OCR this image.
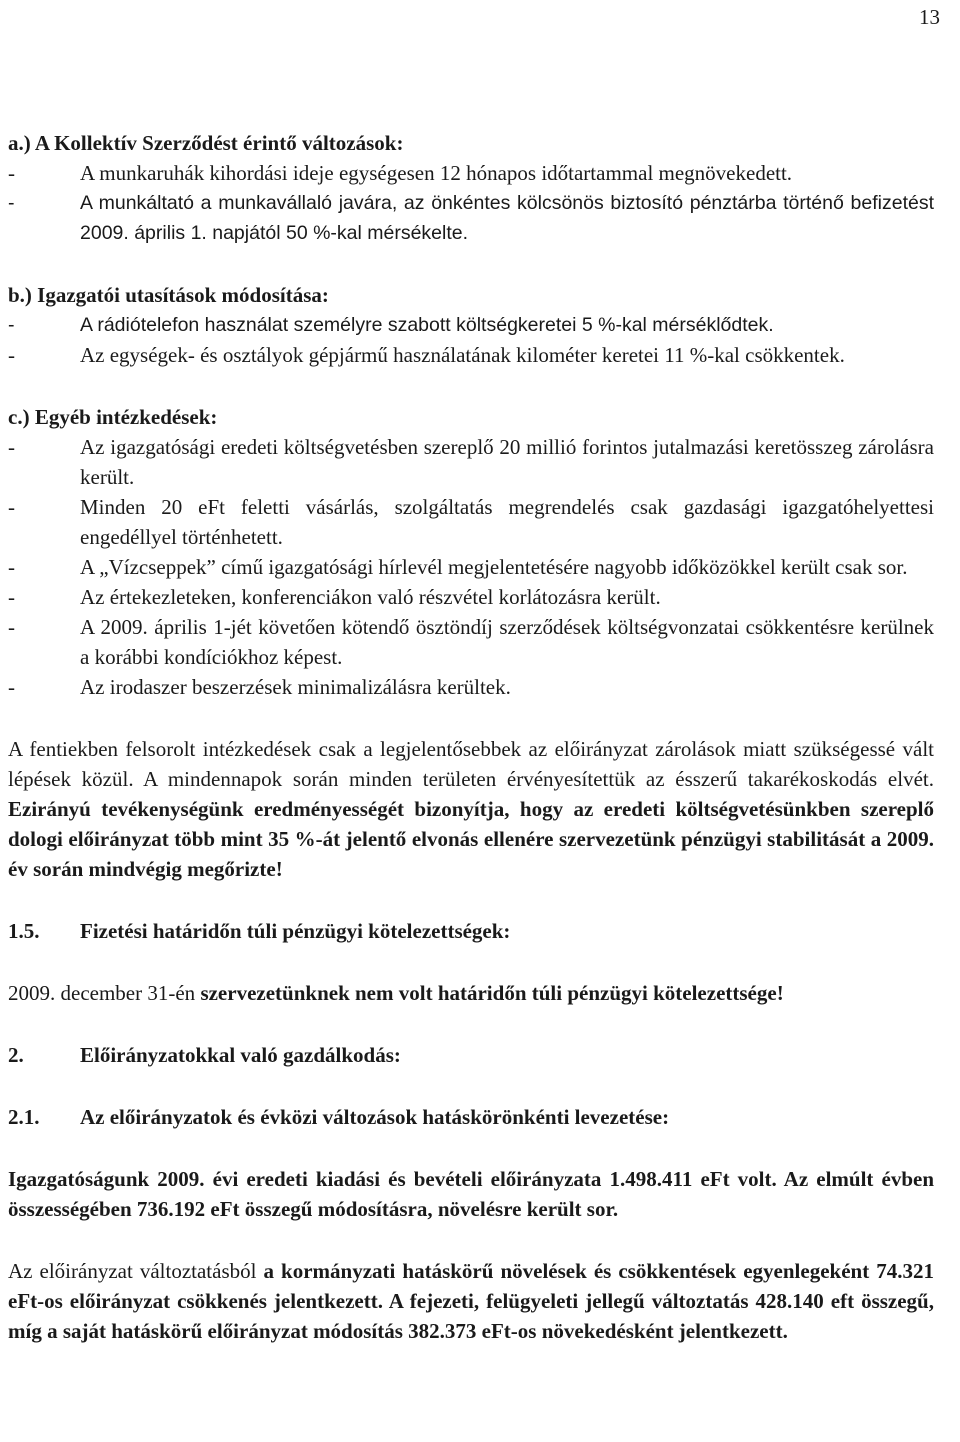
13

a.) A Kollektív Szerződést érintő változások:

- A munkaruhák kihordási ideje egységesen 12 hónapos időtartammal megnövekedett.
- A munkáltató a munkavállaló javára, az önkéntes kölcsönös biztosító pénztárba történő befizetést 2009. április 1. napjától 50 %-kal mérsékelte.

b.) Igazgatói utasítások módosítása:

- A rádiótelefon használat személyre szabott költségkeretei 5 %-kal mérséklődtek.
- Az egységek- és osztályok gépjármű használatának kilométer keretei 11 %-kal csökkentek.

c.) Egyéb intézkedések:

- Az igazgatósági eredeti költségvetésben szereplő 20 millió forintos jutalmazási keretösszeg zárolásra került.
- Minden 20 eFt feletti vásárlás, szolgáltatás megrendelés csak gazdasági igazgatóhelyettesi engedéllyel történhetett.
- A „Vízcseppek” című igazgatósági hírlevél megjelentetésére nagyobb időközökkel került csak sor.
- Az értekezleteken, konferenciákon való részvétel korlátozásra került.
- A 2009. április 1-jét követően kötendő ösztöndíj szerződések költségvonzatai csökkentésre kerülnek a korábbi kondíciókhoz képest.
- Az irodaszer beszerzések minimalizálásra kerültek.

A fentiekben felsorolt intézkedések csak a legjelentősebbek az előirányzat zárolások miatt szükségessé vált lépések közül. A mindennapok során minden területen érvényesítettük az ésszerű takarékoskodás elvét. Ezirányú tevékenységünk eredményességét bizonyítja, hogy az eredeti költségvetésünkben szereplő dologi előirányzat több mint 35 %-át jelentő elvonás ellenére szervezetünk pénzügyi stabilitását a 2009. év során mindvégig megőrizte!

1.5.	Fizetési határidőn túli pénzügyi kötelezettségek:

2009. december 31-én szervezetünknek nem volt határidőn túli pénzügyi kötelezettsége!

2.	Előirányzatokkal való gazdálkodás:
2.1.	Az előirányzatok és évközi változások hatáskörönkénti levezetése:

Igazgatóságunk 2009. évi eredeti kiadási és bevételi előirányzata 1.498.411 eFt volt. Az elmúlt évben összességében 736.192 eFt összegű módosításra, növelésre került sor.

Az előirányzat változtatásból a kormányzati hatáskörű növelések és csökkentések egyenlegeként 74.321 eFt-os előirányzat csökkenés jelentkezett. A fejezeti, felügyeleti jellegű változtatás 428.140 eft összegű, míg a saját hatáskörű előirányzat módosítás 382.373 eFt-os növekedésként jelentkezett.
